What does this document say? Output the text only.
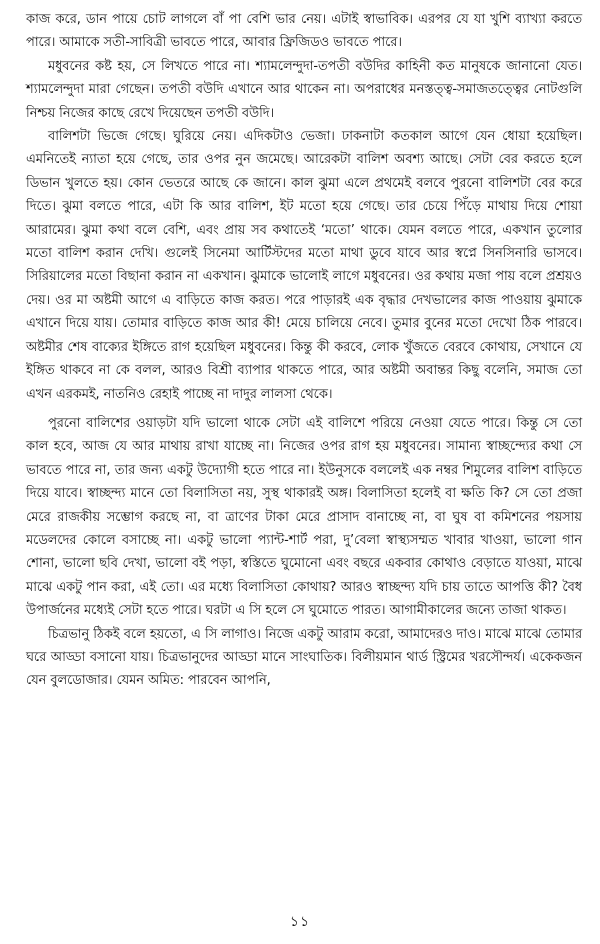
কাজ করে, ডান পায়ে চোট লাগলে বাঁ পা বেশি ভার নেয়। এটাই স্বাভাবিক। এরপর যে যা খুশি ব্যাখ্যা করতে পারে। আমাকে সতী-সাবিত্রী ভাবতে পারে, আবার ফ্রিজিডও ভাবতে পারে।

মধুবনের কষ্ট হয়, সে লিখতে পারে না। শ্যামলেন্দুদা-তপতী বউদির কাহিনী কত মানুষকে জানানো যেত। শ্যামলেন্দুদা মারা গেছেন। তপতী বউদি এখানে আর থাকেন না। অপরাধের মনস্তত্ত্ব-সমাজতত্ত্বের নোটগুলি নিশ্চয় নিজের কাছে রেখে দিয়েছেন তপতী বউদি।

বালিশটা ভিজে গেছে। ঘুরিয়ে নেয়। এদিকটাও ভেজা। ঢাকনাটা কতকাল আগে যেন ধোয়া হয়েছিল। এমনিতেই ন্যাতা হয়ে গেছে, তার ওপর নুন জমেছে। আরেকটা বালিশ অবশ্য আছে। সেটা বের করতে হলে ডিভান খুলতে হয়। কোন ভেতরে আছে কে জানে। কাল ঝুমা এলে প্রথমেই বলবে পুরনো বালিশটা বের করে দিতে। ঝুমা বলতে পারে, এটা কি আর বালিশ, ইট মতো হয়ে গেছে। তার চেয়ে পিঁড়ে মাথায় দিয়ে শোয়া আরামের। ঝুমা কথা বলে বেশি, এবং প্রায় সব কথাতেই ‘মতো’ থাকে। যেমন বলতে পারে, একখান তুলোর মতো বালিশ করান দেখি। গুলেই সিনেমা আর্টিস্টদের মতো মাথা ডুবে যাবে আর স্বপ্নে সিনসিনারি ভাসবে। সিরিয়ালের মতো বিছানা করান না একখান। ঝুমাকে ভালোই লাগে মধুবনের। ওর কথায় মজা পায় বলে প্রশ্রয়ও দেয়। ওর মা অষ্টমী আগে এ বাড়িতে কাজ করত। পরে পাড়ারই এক বৃদ্ধার দেখভালের কাজ পাওয়ায় ঝুমাকে এখানে দিয়ে যায়। তোমার বাড়িতে কাজ আর কী! মেয়ে চালিয়ে নেবে। তুমার বুনের মতো দেখো ঠিক পারবে। অষ্টমীর শেষ বাক্যের ইঙ্গিতে রাগ হয়েছিল মধুবনের। কিন্তু কী করবে, লোক খুঁজতে বেরবে কোথায়, সেখানে যে ইঙ্গিত থাকবে না কে বলল, আরও বিশ্রী ব্যাপার থাকতে পারে, আর অষ্টমী অবান্তর কিছু বলেনি, সমাজ তো এখন এরকমই, নাতনিও রেহাই পাচ্ছে না দাদুর লালসা থেকে।

পুরনো বালিশের ওয়াড়টা যদি ভালো থাকে সেটা এই বালিশে পরিয়ে নেওয়া যেতে পারে। কিন্তু সে তো কাল হবে, আজ যে আর মাথায় রাখা যাচ্ছে না। নিজের ওপর রাগ হয় মধুবনের। সামান্য স্বাচ্ছন্দ্যের কথা সে ভাবতে পারে না, তার জন্য একটু উদ্যোগী হতে পারে না। ইউনুসকে বললেই এক নম্বর শিমুলের বালিশ বাড়িতে দিয়ে যাবে। স্বাচ্ছন্দ্য মানে তো বিলাসিতা নয়, সুস্থ থাকারই অঙ্গ। বিলাসিতা হলেই বা ক্ষতি কি? সে তো প্রজা মেরে রাজকীয় সম্ভোগ করছে না, বা ত্রাণের টাকা মেরে প্রাসাদ বানাচ্ছে না, বা ঘুষ বা কমিশনের পয়সায় মডেলদের কোলে বসাচ্ছে না। একটু ভালো প্যান্ট-শার্ট পরা, দু’বেলা স্বাস্থ্যসম্মত খাবার খাওয়া, ভালো গান শোনা, ভালো ছবি দেখা, ভালো বই পড়া, স্বস্তিতে ঘুমোনো এবং বছরে একবার কোথাও বেড়াতে যাওয়া, মাঝে মাঝে একটু পান করা, এই তো। এর মধ্যে বিলাসিতা কোথায়? আরও স্বাচ্ছন্দ্য যদি চায় তাতে আপত্তি কী? বৈধ উপার্জনের মধ্যেই সেটা হতে পারে। ঘরটা এ সি হলে সে ঘুমোতে পারত। আগামীকালের জন্যে তাজা থাকত।

চিত্রভানু ঠিকই বলে হয়তো, এ সি লাগাও। নিজে একটু আরাম করো, আমাদেরও দাও। মাঝে মাঝে তোমার ঘরে আড্ডা বসানো যায়। চিত্রভানুদের আড্ডা মানে সাংঘাতিক। বিলীয়মান থার্ড স্ট্রিমের খরসৌন্দর্য। একেকজন যেন বুলডোজার। যেমন অমিত: পারবেন আপনি,

১১
